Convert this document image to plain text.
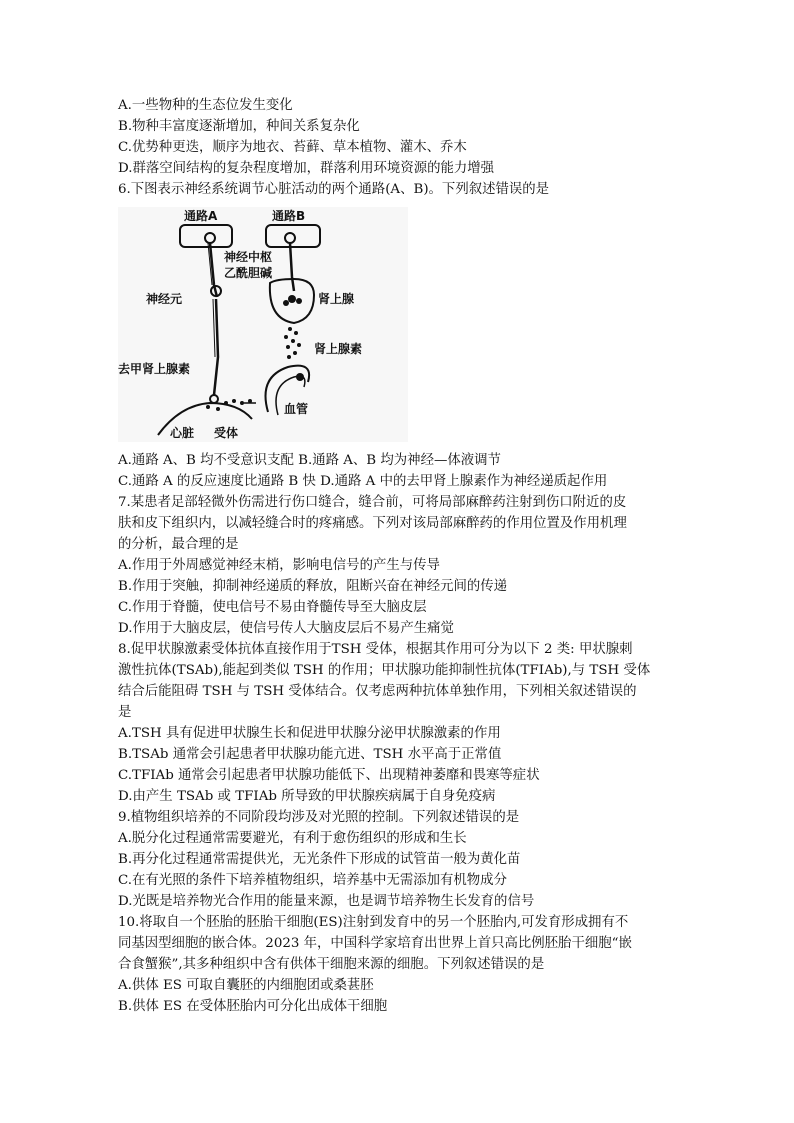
A.一些物种的生态位发生变化
B.物种丰富度逐渐增加，种间关系复杂化
C.优势种更迭，顺序为地衣、苔藓、草本植物、灌木、乔木
D.群落空间结构的复杂程度增加，群落利用环境资源的能力增强
6.下图表示神经系统调节心脏活动的两个通路(A、B)。下列叙述错误的是
通路A	通路B
神经中枢
乙酰胆碱
神经元	肾上腺
肾上腺素
去甲肾上腺素
血管
心脏 受体
A.通路 A、B 均不受意识支配 B.通路 A、B 均为神经—体液调节
C.通路 A 的反应速度比通路 B 快 D.通路 A 中的去甲肾上腺素作为神经递质起作用
7.某患者足部轻微外伤需进行伤口缝合，缝合前，可将局部麻醉药注射到伤口附近的皮
肤和皮下组织内，以减轻缝合时的疼痛感。下列对该局部麻醉药的作用位置及作用机理
的分析，最合理的是
A.作用于外周感觉神经末梢，影响电信号的产生与传导
B.作用于突触，抑制神经递质的释放，阻断兴奋在神经元间的传递
C.作用于脊髓，使电信号不易由脊髓传导至大脑皮层
D.作用于大脑皮层，使信号传人大脑皮层后不易产生痛觉
8.促甲状腺激素受体抗体直接作用于TSH 受体，根据其作用可分为以下 2 类: 甲状腺刺
激性抗体(TSAb),能起到类似 TSH 的作用；甲状腺功能抑制性抗体(TFIAb),与 TSH 受体
结合后能阻碍 TSH 与 TSH 受体结合。仅考虑两种抗体单独作用，下列相关叙述错误的
是
A.TSH 具有促进甲状腺生长和促进甲状腺分泌甲状腺激素的作用
B.TSAb 通常会引起患者甲状腺功能亢进、TSH 水平高于正常值
C.TFIAb 通常会引起患者甲状腺功能低下、出现精神萎靡和畏寒等症状
D.由产生 TSAb 或 TFIAb 所导致的甲状腺疾病属于自身免疫病
9.植物组织培养的不同阶段均涉及对光照的控制。下列叙述错误的是
A.脱分化过程通常需要避光，有利于愈伤组织的形成和生长
B.再分化过程通常需提供光，无光条件下形成的试管苗一般为黄化苗
C.在有光照的条件下培养植物组织，培养基中无需添加有机物成分
D.光既是培养物光合作用的能量来源，也是调节培养物生长发育的信号
10.将取自一个胚胎的胚胎干细胞(ES)注射到发育中的另一个胚胎内,可发育形成拥有不
同基因型细胞的嵌合体。2023 年，中国科学家培育出世界上首只高比例胚胎干细胞“嵌
合食蟹猴”,其多种组织中含有供体干细胞来源的细胞。下列叙述错误的是
A.供体 ES 可取自囊胚的内细胞团或桑葚胚
B.供体 ES 在受体胚胎内可分化出成体干细胞
